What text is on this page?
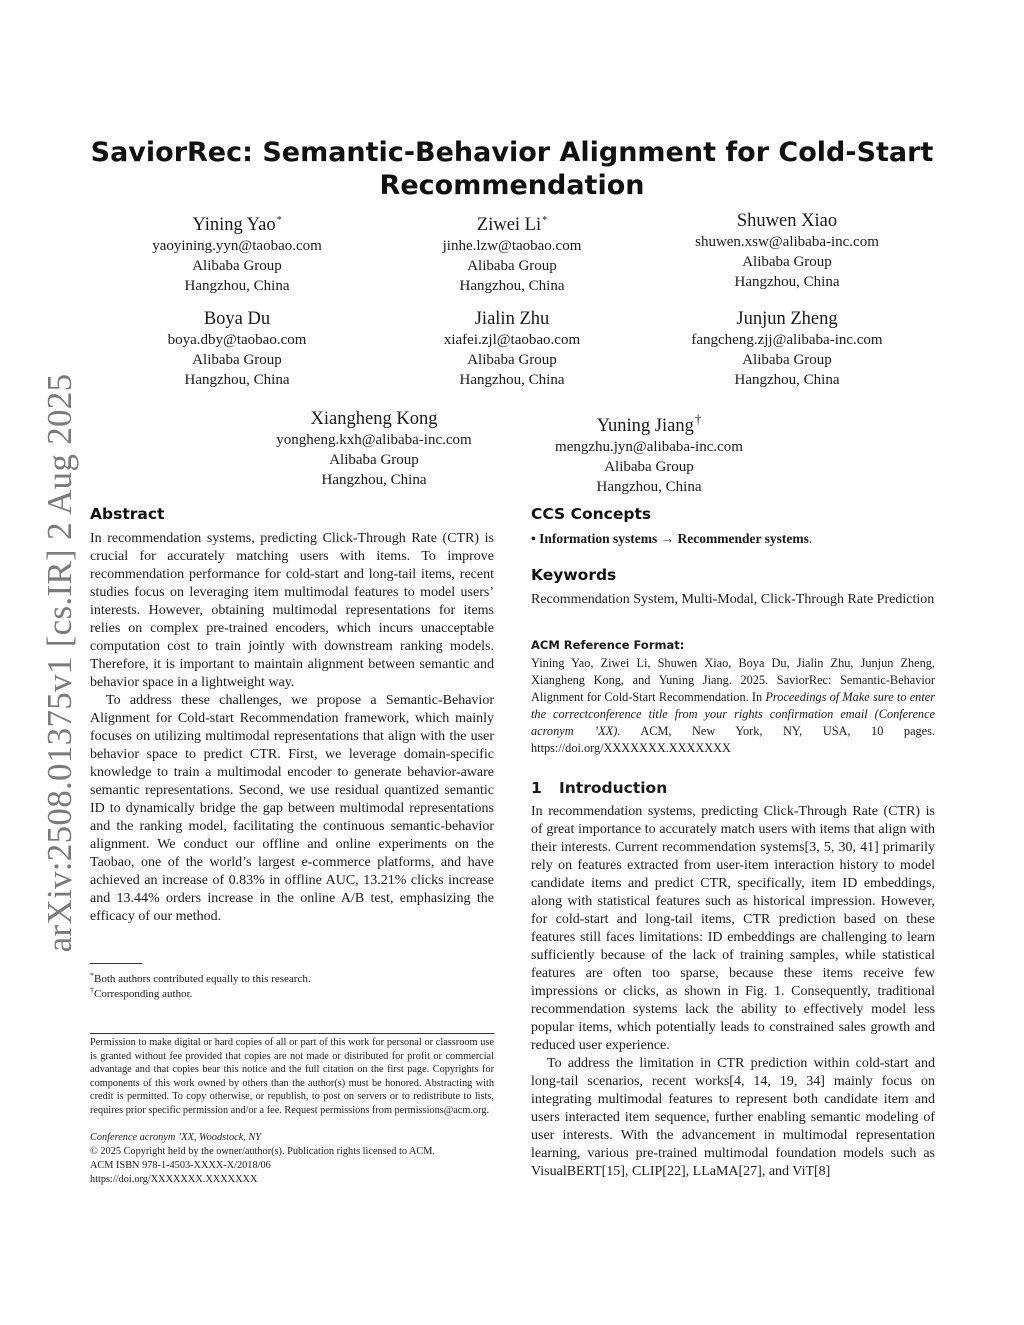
arXiv:2508.01375v1 [cs.IR] 2 Aug 2025
SaviorRec: Semantic-Behavior Alignment for Cold-Start
Recommendation
Yining Yao*
yaoyining.yyn@taobao.com
Alibaba Group
Hangzhou, China
Ziwei Li*
jinhe.lzw@taobao.com
Alibaba Group
Hangzhou, China
Shuwen Xiao
shuwen.xsw@alibaba-inc.com
Alibaba Group
Hangzhou, China
Boya Du
boya.dby@taobao.com
Alibaba Group
Hangzhou, China
Jialin Zhu
xiafei.zjl@taobao.com
Alibaba Group
Hangzhou, China
Junjun Zheng
fangcheng.zjj@alibaba-inc.com
Alibaba Group
Hangzhou, China
Xiangheng Kong
yongheng.kxh@alibaba-inc.com
Alibaba Group
Hangzhou, China
Yuning Jiang†
mengzhu.jyn@alibaba-inc.com
Alibaba Group
Hangzhou, China
Abstract

In recommendation systems, predicting Click-Through Rate (CTR) is crucial for accurately matching users with items. To improve recommendation performance for cold-start and long-tail items, recent studies focus on leveraging item multimodal features to model users’ interests. However, obtaining multimodal representations for items relies on complex pre-trained encoders, which incurs unacceptable computation cost to train jointly with downstream ranking models. Therefore, it is important to maintain alignment between semantic and behavior space in a lightweight way.

To address these challenges, we propose a Semantic-Behavior Alignment for Cold-start Recommendation framework, which mainly focuses on utilizing multimodal representations that align with the user behavior space to predict CTR. First, we leverage domain-specific knowledge to train a multimodal encoder to generate behavior-aware semantic representations. Second, we use residual quantized semantic ID to dynamically bridge the gap between multimodal representations and the ranking model, facilitating the continuous semantic-behavior alignment. We conduct our offline and online experiments on the Taobao, one of the world’s largest e-commerce platforms, and have achieved an increase of 0.83% in offline AUC, 13.21% clicks increase and 13.44% orders increase in the online A/B test, emphasizing the efficacy of our method.

*Both authors contributed equally to this research.
†Corresponding author.

Permission to make digital or hard copies of all or part of this work for personal or classroom use is granted without fee provided that copies are not made or distributed for profit or commercial advantage and that copies bear this notice and the full citation on the first page. Copyrights for components of this work owned by others than the author(s) must be honored. Abstracting with credit is permitted. To copy otherwise, or republish, to post on servers or to redistribute to lists, requires prior specific permission and/or a fee. Request permissions from permissions@acm.org.

Conference acronym ’XX, Woodstock, NY

© 2025 Copyright held by the owner/author(s). Publication rights licensed to ACM.

ACM ISBN 978-1-4503-XXXX-X/2018/06

https://doi.org/XXXXXXX.XXXXXXX

CCS Concepts

• Information systems → Recommender systems.

Keywords

Recommendation System, Multi-Modal, Click-Through Rate Prediction

ACM Reference Format:

Yining Yao, Ziwei Li, Shuwen Xiao, Boya Du, Jialin Zhu, Junjun Zheng, Xiangheng Kong, and Yuning Jiang. 2025. SaviorRec: Semantic-Behavior Alignment for Cold-Start Recommendation. In Proceedings of Make sure to enter the correctconference title from your rights confirmation email (Conference acronym ’XX). ACM, New York, NY, USA, 10 pages. https://doi.org/XXXXXXX.XXXXXXX

1 Introduction

In recommendation systems, predicting Click-Through Rate (CTR) is of great importance to accurately match users with items that align with their interests. Current recommendation systems[3, 5, 30, 41] primarily rely on features extracted from user-item interaction history to model candidate items and predict CTR, specifically, item ID embeddings, along with statistical features such as historical impression. However, for cold-start and long-tail items, CTR prediction based on these features still faces limitations: ID embeddings are challenging to learn sufficiently because of the lack of training samples, while statistical features are often too sparse, because these items receive few impressions or clicks, as shown in Fig. 1. Consequently, traditional recommendation systems lack the ability to effectively model less popular items, which potentially leads to constrained sales growth and reduced user experience.

To address the limitation in CTR prediction within cold-start and long-tail scenarios, recent works[4, 14, 19, 34] mainly focus on integrating multimodal features to represent both candidate item and users interacted item sequence, further enabling semantic modeling of user interests. With the advancement in multimodal representation learning, various pre-trained multimodal foundation models such as VisualBERT[15], CLIP[22], LLaMA[27], and ViT[8]
